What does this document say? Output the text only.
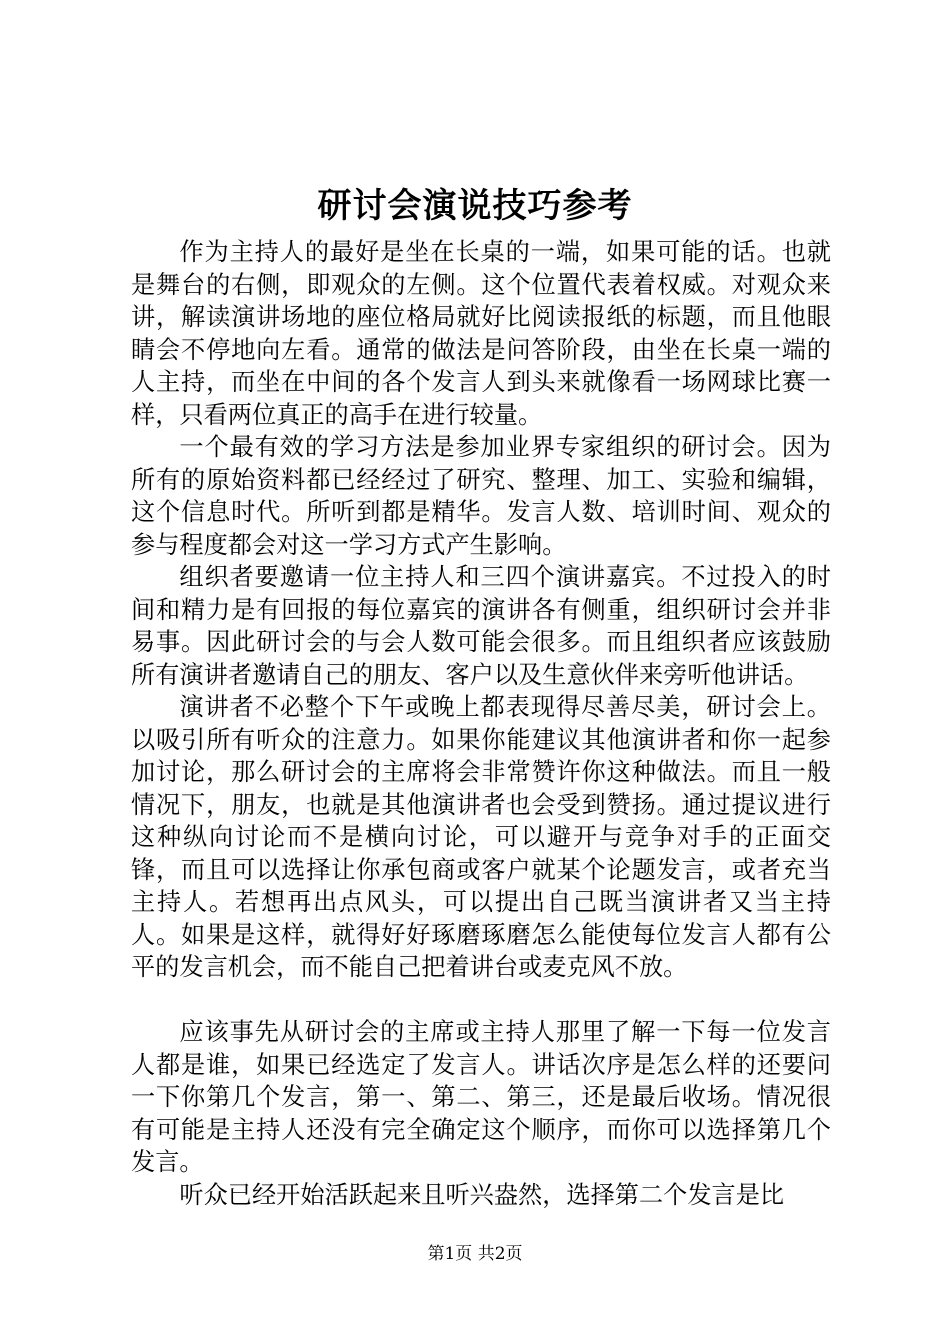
研讨会演说技巧参考

作为主持人的最好是坐在长桌的一端，如果可能的话。也就是舞台的右侧，即观众的左侧。这个位置代表着权威。对观众来讲，解读演讲场地的座位格局就好比阅读报纸的标题，而且他眼睛会不停地向左看。通常的做法是问答阶段，由坐在长桌一端的人主持，而坐在中间的各个发言人到头来就像看一场网球比赛一样，只看两位真正的高手在进行较量。

一个最有效的学习方法是参加业界专家组织的研讨会。因为所有的原始资料都已经经过了研究、整理、加工、实验和编辑，这个信息时代。所听到都是精华。发言人数、培训时间、观众的参与程度都会对这一学习方式产生影响。

组织者要邀请一位主持人和三四个演讲嘉宾。不过投入的时间和精力是有回报的每位嘉宾的演讲各有侧重，组织研讨会并非易事。因此研讨会的与会人数可能会很多。而且组织者应该鼓励所有演讲者邀请自己的朋友、客户以及生意伙伴来旁听他讲话。

演讲者不必整个下午或晚上都表现得尽善尽美，研讨会上。以吸引所有听众的注意力。如果你能建议其他演讲者和你一起参加讨论，那么研讨会的主席将会非常赞许你这种做法。而且一般情况下，朋友，也就是其他演讲者也会受到赞扬。通过提议进行这种纵向讨论而不是横向讨论，可以避开与竞争对手的正面交锋，而且可以选择让你承包商或客户就某个论题发言，或者充当主持人。若想再出点风头，可以提出自己既当演讲者又当主持人。如果是这样，就得好好琢磨琢磨怎么能使每位发言人都有公平的发言机会，而不能自己把着讲台或麦克风不放。

应该事先从研讨会的主席或主持人那里了解一下每一位发言人都是谁，如果已经选定了发言人。讲话次序是怎么样的还要问一下你第几个发言，第一、第二、第三，还是最后收场。情况很有可能是主持人还没有完全确定这个顺序，而你可以选择第几个发言。

听众已经开始活跃起来且听兴盎然，选择第二个发言是比

第1页 共2页
